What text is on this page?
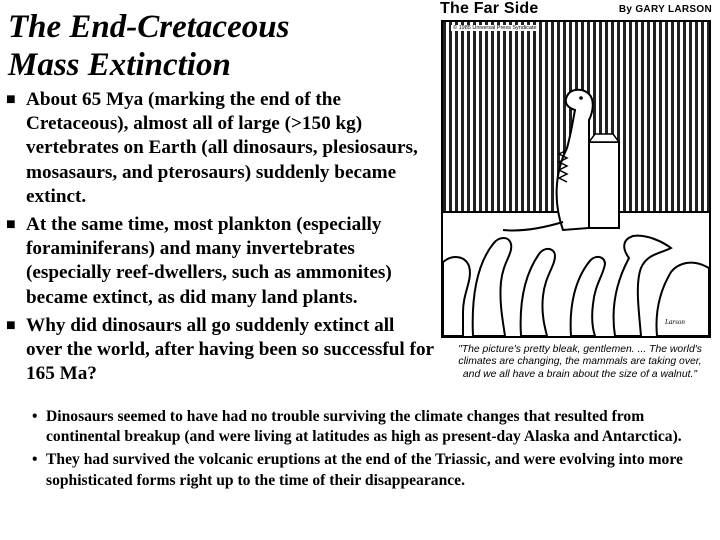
The End-Cretaceous
Mass Extinction
■ About 65 Mya (marking the end of the Cretaceous), almost all of large (>150 kg) vertebrates on Earth (all dinosaurs, plesiosaurs, mosasaurs, and pterosaurs) suddenly became extinct.
■ At the same time, most plankton (especially foraminiferans) and many invertebrates (especially reef-dwellers, such as ammonites) became extinct, as did many land plants.
■ Why did dinosaurs all go suddenly extinct all over the world, after having been so successful for 165 Ma?
• Dinosaurs seemed to have had no trouble surviving the climate changes that resulted from continental breakup (and were living at latitudes as high as present-day Alaska and Antarctica).
• They had survived the volcanic eruptions at the end of the Triassic, and were evolving into more sophisticated forms right up to the time of their disappearance.
The Far Side	By GARY LARSON
© 1985 Universal Press Syndicate
Larson
"The picture's pretty bleak, gentlemen. ... The world's climates are changing, the mammals are taking over, and we all have a brain about the size of a walnut."
